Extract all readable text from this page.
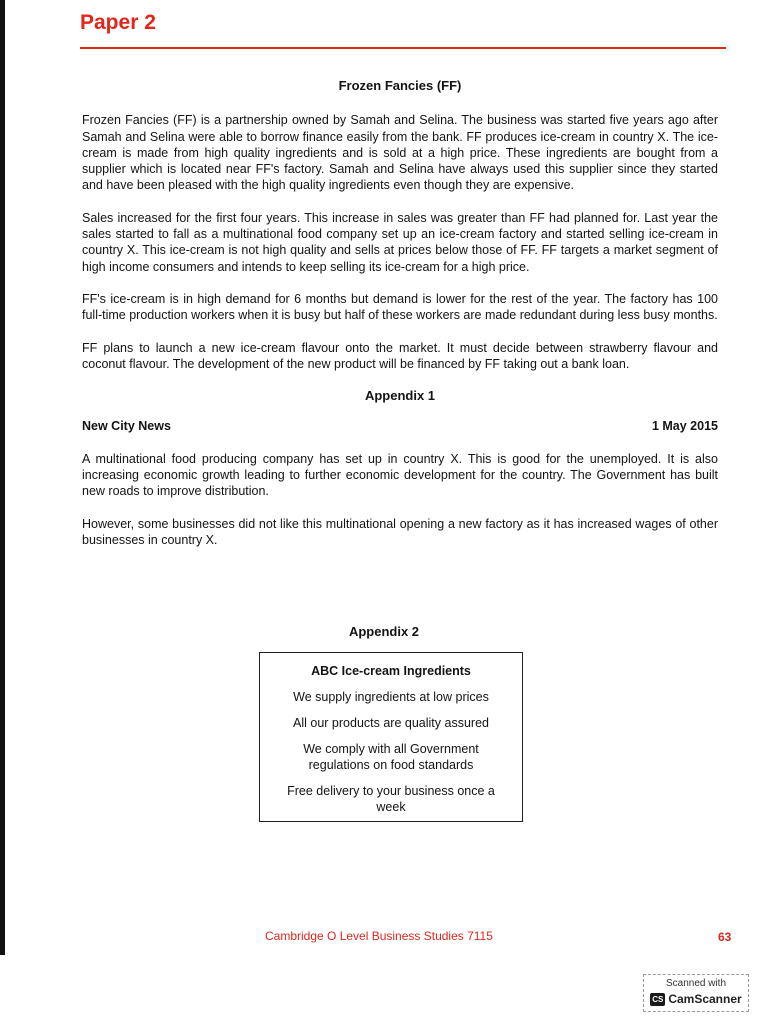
Paper 2
Frozen Fancies (FF)

Frozen Fancies (FF) is a partnership owned by Samah and Selina. The business was started five years ago after Samah and Selina were able to borrow finance easily from the bank. FF produces ice-cream in country X. The ice-cream is made from high quality ingredients and is sold at a high price. These ingredients are bought from a supplier which is located near FF's factory. Samah and Selina have always used this supplier since they started and have been pleased with the high quality ingredients even though they are expensive.

Sales increased for the first four years. This increase in sales was greater than FF had planned for. Last year the sales started to fall as a multinational food company set up an ice-cream factory and started selling ice-cream in country X. This ice-cream is not high quality and sells at prices below those of FF. FF targets a market segment of high income consumers and intends to keep selling its ice-cream for a high price.

FF's ice-cream is in high demand for 6 months but demand is lower for the rest of the year. The factory has 100 full-time production workers when it is busy but half of these workers are made redundant during less busy months.

FF plans to launch a new ice-cream flavour onto the market. It must decide between strawberry flavour and coconut flavour. The development of the new product will be financed by FF taking out a bank loan.

Appendix 1
New City News	1 May 2015

A multinational food producing company has set up in country X. This is good for the unemployed. It is also increasing economic growth leading to further economic development for the country. The Government has built new roads to improve distribution.

However, some businesses did not like this multinational opening a new factory as it has increased wages of other businesses in country X.

Appendix 2
ABC Ice-cream Ingredients
We supply ingredients at low prices
All our products are quality assured
We comply with all Government regulations on food standards
Free delivery to your business once a week
Cambridge O Level Business Studies 7115	63
Scanned with
CS CamScanner
